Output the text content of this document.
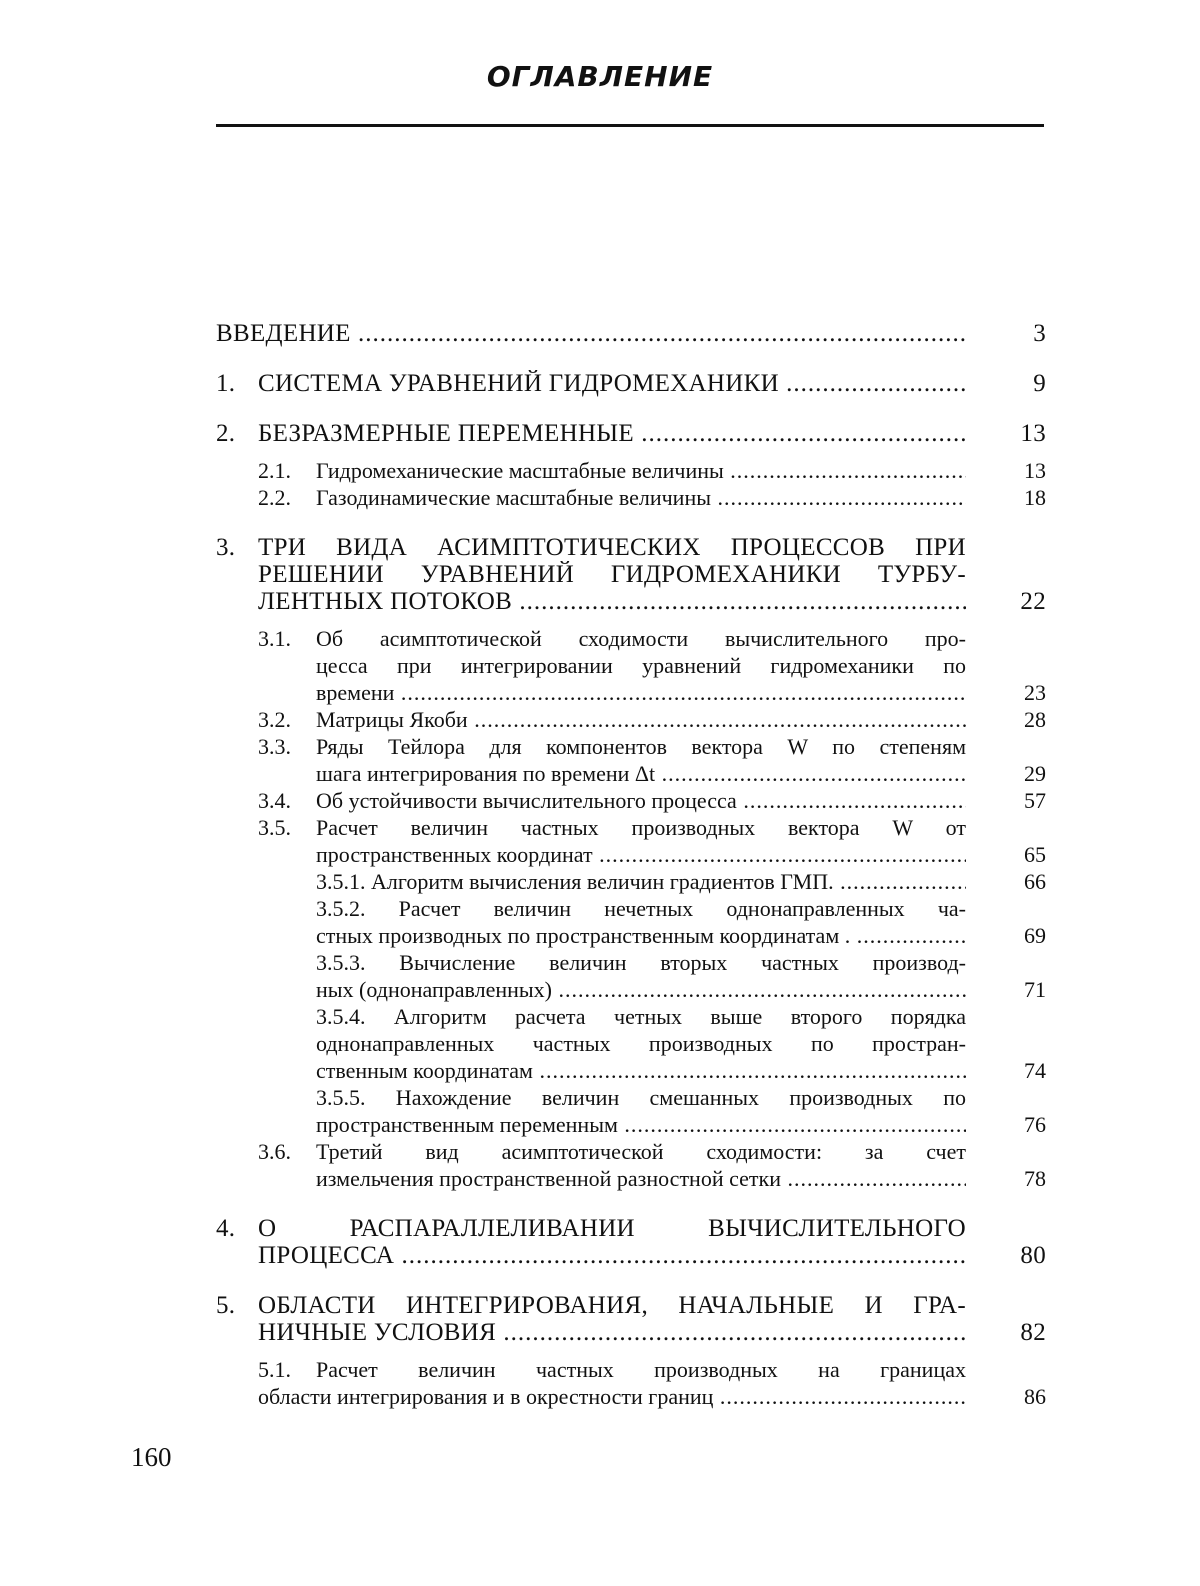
ОГЛАВЛЕНИЕ
ВВЕДЕНИЕ .....	3
1. СИСТЕМА УРАВНЕНИЙ ГИДРОМЕХАНИКИ .....	9
2. БЕЗРАЗМЕРНЫЕ ПЕРЕМЕННЫЕ .....	13
2.1. Гидромеханические масштабные величины .....	13
2.2. Газодинамические масштабные величины .....	18
3. ТРИ ВИДА АСИМПТОТИЧЕСКИХ ПРОЦЕССОВ ПРИ
РЕШЕНИИ УРАВНЕНИЙ ГИДРОМЕХАНИКИ ТУРБУ-
ЛЕНТНЫХ ПОТОКОВ .....	22
3.1. Об асимптотической сходимости вычислительного про-
цесса при интегрировании уравнений гидромеханики по
времени .....	23
3.2. Матрицы Якоби .....	28
3.3. Ряды Тейлора для компонентов вектора W по степеням
шага интегрирования по времени Δt .....	29
3.4. Об устойчивости вычислительного процесса .....	57
3.5. Расчет величин частных производных вектора W от
пространственных координат .....	65
3.5.1. Алгоритм вычисления величин градиентов ГМП. .....	66
3.5.2. Расчет величин нечетных однонаправленных ча-
стных производных по пространственным координатам . .....	69
3.5.3. Вычисление величин вторых частных производ-
ных (однонаправленных) .....	71
3.5.4. Алгоритм расчета четных выше второго порядка
однонаправленных частных производных по простран-
ственным координатам .....	74
3.5.5. Нахождение величин смешанных производных по
пространственным переменным .....	76
3.6. Третий вид асимптотической сходимости: за счет
измельчения пространственной разностной сетки .....	78
4. О РАСПАРАЛЛЕЛИВАНИИ ВЫЧИСЛИТЕЛЬНОГО
ПРОЦЕССА .....	80
5. ОБЛАСТИ ИНТЕГРИРОВАНИЯ, НАЧАЛЬНЫЕ И ГРА-
НИЧНЫЕ УСЛОВИЯ .....	82
5.1. Расчет величин частных производных на границах
области интегрирования и в окрестности границ .....	86
160
